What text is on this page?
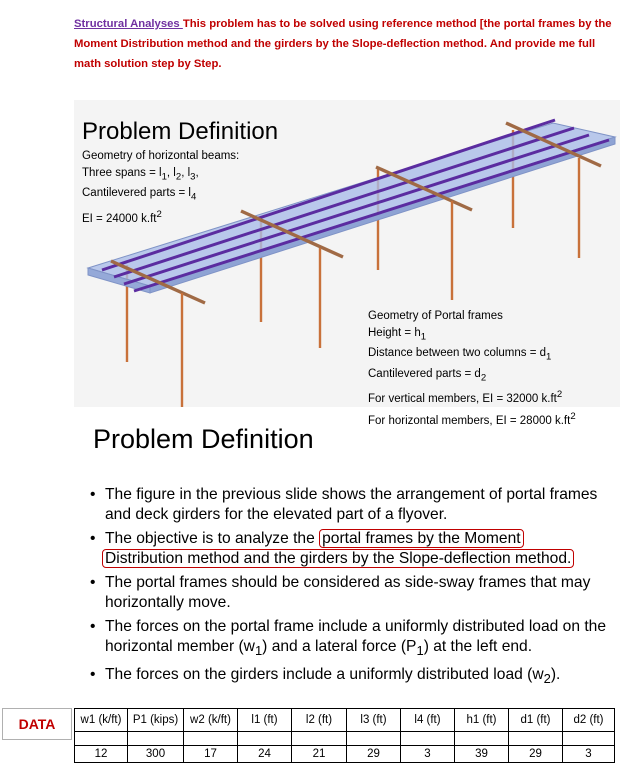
Structural Analyses This problem has to be solved using reference method [the portal frames by the Moment Distribution method and the girders by the Slope-deflection method. And provide me full math solution step by Step.
Problem Definition
Geometry of horizontal beams:
Three spans = $l_1$, $l_2$, $l_3$,
Cantilevered parts = $l_4$
EI = 24000 $k.ft^2$
Geometry of Portal frames
Height = $h_1$
Distance between two columns = $d_1$
Cantilevered parts = $d_2$
For vertical members, EI = 32000 $k.ft^2$
For horizontal members, EI = 28000 $k.ft^2$
Problem Definition
• The figure in the previous slide shows the arrangement of portal frames and deck girders for the elevated part of a flyover.
• The objective is to analyze the portal frames by the Moment
Distribution method and the girders by the Slope-deflection method.
• The portal frames should be considered as side-sway frames that may horizontally move.
• The forces on the portal frame include a uniformly distributed load on the horizontal member $(w_1)$ and a lateral force $(P_1)$ at the left end.
• The forces on the girders include a uniformly distributed load $(w_2)$.
DATA	w1 (k/ft)	P1 (kips)	w2 (k/ft)	l1 (ft)	l2 (ft)	l3 (ft)	l4 (ft)	h1 (ft)	d1 (ft)	d2 (ft)

12	300	17	24	21	29	3	39	29	3
